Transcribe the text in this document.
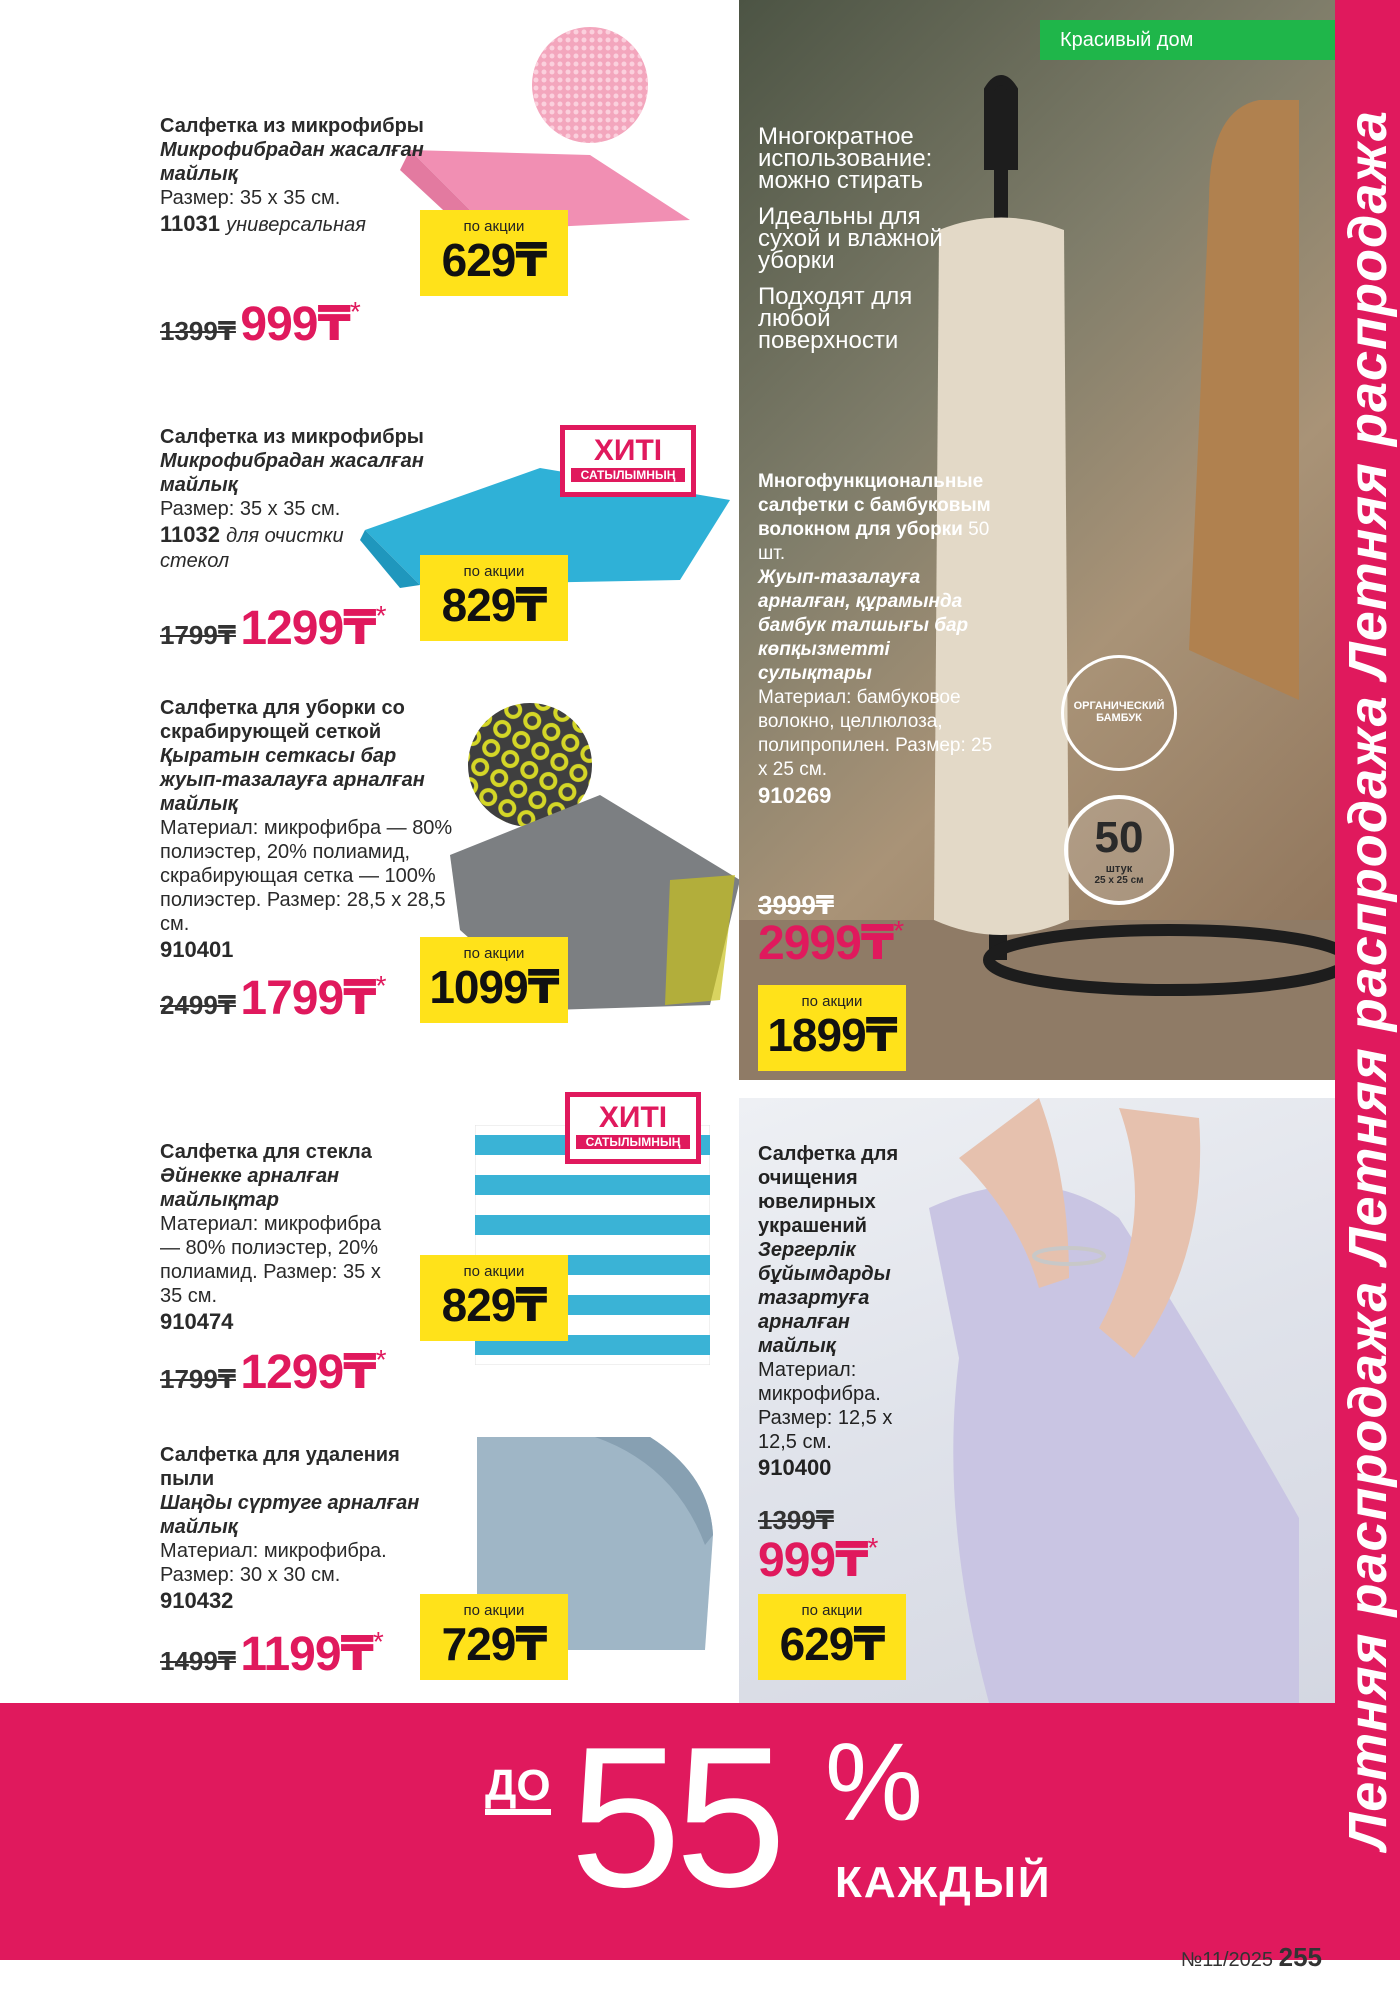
Салфетка из микрофибры
Микрофибрадан жасалған майлық
Размер: 35 x 35 см.
11031 универсальная
1399₸ 999₸*
по акции
629₸
ХИТІ
САТЫЛЫМНЫҢ
Салфетка из микрофибры
Микрофибрадан жасалған майлық
Размер: 35 x 35 см.
11032 для очистки стекол
1799₸ 1299₸*
по акции
829₸
Салфетка для уборки со скрабирующей сеткой
Қыратын сеткасы бар жуып-тазалауға арналған майлық
Материал: микрофибра — 80% полиэстер, 20% полиамид, скрабирующая сетка — 100% полиэстер. Размер: 28,5 x 28,5 см.
910401
2499₸ 1799₸*
по акции
1099₸
ХИТІ
САТЫЛЫМНЫҢ
Салфетка для стекла
Әйнекке арналған майлықтар
Материал: микрофибра — 80% полиэстер, 20% полиамид. Размер: 35 x 35 см.
910474
1799₸ 1299₸*
по акции
829₸
Салфетка для удаления пыли
Шаңды сүртуге арналған майлық
Материал: микрофибра. Размер: 30 x 30 см.
910432
1499₸ 1199₸*
по акции
729₸
ОРГАНИЧЕСКИЙ БАМБУК
50
штук
25 x 25 см
Красивый дом
Многократное использование: можно стирать
Идеальны для сухой и влажной уборки
Подходят для любой поверхности
Многофункциональные салфетки с бамбуковым волокном для уборки 50 шт.
Жуып-тазалауға арналған, құрамында бамбук талшығы бар көпқызметті сулықтары
Материал: бамбуковое волокно, целлюлоза, полипропилен. Размер: 25 x 25 см.
910269
3999₸
2999₸*
по акции
1899₸
Салфетка для очищения ювелирных украшений
Зергерлік бұйымдарды тазартуға арналған майлық
Материал: микрофибра. Размер: 12,5 x 12,5 см.
910400
1399₸
999₸*
по акции
629₸	Летняя распродажа Летняя распродажа Летняя распродажа
ДО 55 %
КАЖДЫЙ
№11/2025 255
